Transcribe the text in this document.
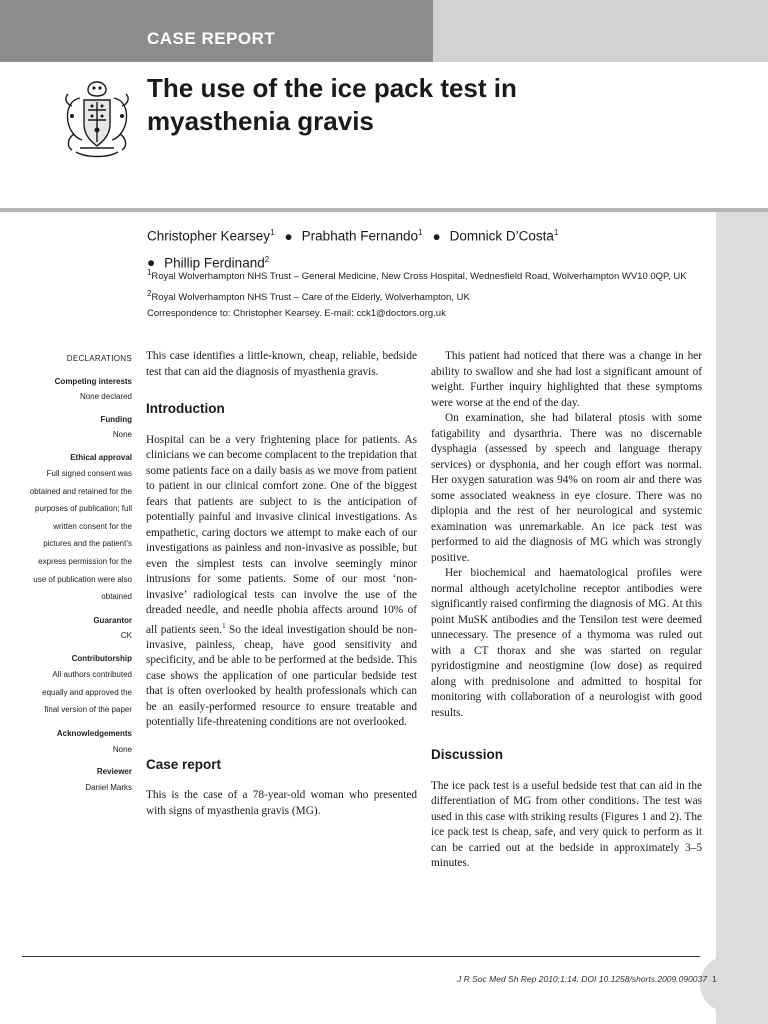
CASE REPORT
The use of the ice pack test in
myasthenia gravis
Christopher Kearsey$^1$ ● Prabhath Fernando$^1$ ● Domnick D’Costa$^1$
● Phillip Ferdinand$^2$
$^1$Royal Wolverhampton NHS Trust – General Medicine, New Cross Hospital, Wednesfield Road, Wolverhampton WV10 0QP, UK
$^2$Royal Wolverhampton NHS Trust – Care of the Elderly, Wolverhampton, UK
Correspondence to: Christopher Kearsey. E-mail: cck1@doctors.org.uk
DECLARATIONS
Competing interests
None declared
Funding
None
Ethical approval
Full signed consent was obtained and retained for the purposes of publication; full written consent for the pictures and the patient’s express permission for the use of publication were also obtained
Guarantor
CK
Contributorship
All authors contributed equally and approved the final version of the paper
Acknowledgements
None
Reviewer
Daniel Marks

This case identifies a little-known, cheap, reliable, bedside test that can aid the diagnosis of myasthenia gravis.

Introduction

Hospital can be a very frightening place for patients. As clinicians we can become complacent to the trepidation that some patients face on a daily basis as we move from patient to patient in our clinical comfort zone. One of the biggest fears that patients are subject to is the anticipation of potentially painful and invasive clinical investigations. As empathetic, caring doctors we attempt to make each of our investigations as painless and non-invasive as possible, but even the simplest tests can involve seemingly minor intrusions for some patients. Some of our most ‘non-invasive’ radiological tests can involve the use of the dreaded needle, and needle phobia affects around 10% of all patients seen.$^1$ So the ideal investigation should be non-invasive, painless, cheap, have good sensitivity and specificity, and be able to be performed at the bedside. This case shows the application of one particular bedside test that is often overlooked by health professionals which can be an easily-performed resource to ensure treatable and potentially life-threatening conditions are not overlooked.

Case report

This is the case of a 78-year-old woman who presented with signs of myasthenia gravis (MG).

This patient had noticed that there was a change in her ability to swallow and she had lost a significant amount of weight. Further inquiry highlighted that these symptoms were worse at the end of the day.

On examination, she had bilateral ptosis with some fatigability and dysarthria. There was no discernable dysphagia (assessed by speech and language therapy services) or dysphonia, and her cough effort was normal. Her oxygen saturation was 94% on room air and there was some associated weakness in eye closure. There was no diplopia and the rest of her neurological and systemic examination was unremarkable. An ice pack test was performed to aid the diagnosis of MG which was strongly positive.

Her biochemical and haematological profiles were normal although acetylcholine receptor antibodies were significantly raised confirming the diagnosis of MG. At this point MuSK antibodies and the Tensilon test were deemed unnecessary. The presence of a thymoma was ruled out with a CT thorax and she was started on regular pyridostigmine and neostigmine (low dose) as required along with prednisolone and admitted to hospital for monitoring with collaboration of a neurologist with good results.

Discussion

The ice pack test is a useful bedside test that can aid in the differentiation of MG from other conditions. The test was used in this case with striking results (Figures 1 and 2). The ice pack test is cheap, safe, and very quick to perform as it can be carried out at the bedside in approximately 3–5 minutes.

J R Soc Med Sh Rep 2010;1:14. DOI 10.1258/shorts.2009.090037 1
